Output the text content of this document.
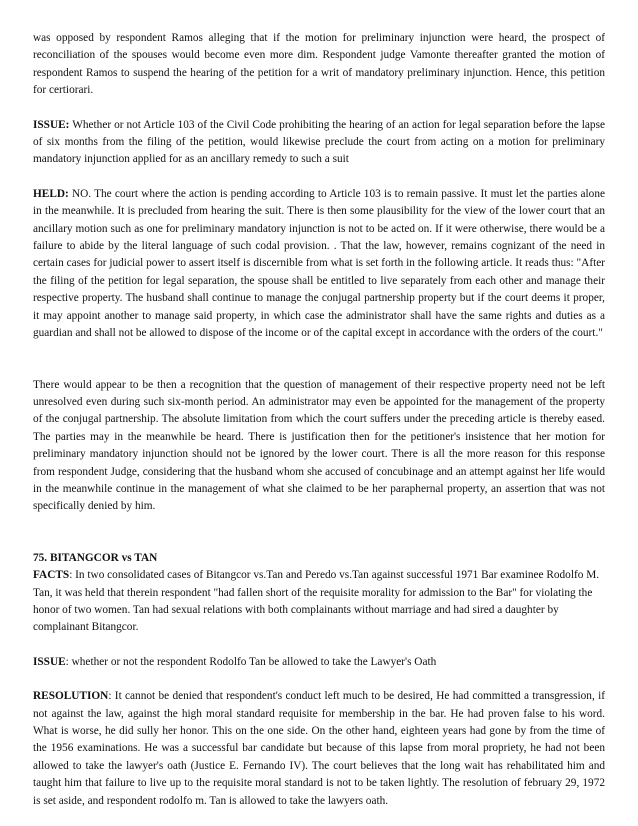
was opposed by respondent Ramos alleging that if the motion for preliminary injunction were heard, the prospect of reconciliation of the spouses would become even more dim. Respondent judge Vamonte thereafter granted the motion of respondent Ramos to suspend the hearing of the petition for a writ of mandatory preliminary injunction. Hence, this petition for certiorari.

ISSUE: Whether or not Article 103 of the Civil Code prohibiting the hearing of an action for legal separation before the lapse of six months from the filing of the petition, would likewise preclude the court from acting on a motion for preliminary mandatory injunction applied for as an ancillary remedy to such a suit

HELD: NO. The court where the action is pending according to Article 103 is to remain passive. It must let the parties alone in the meanwhile. It is precluded from hearing the suit. There is then some plausibility for the view of the lower court that an ancillary motion such as one for preliminary mandatory injunction is not to be acted on. If it were otherwise, there would be a failure to abide by the literal language of such codal provision. . That the law, however, remains cognizant of the need in certain cases for judicial power to assert itself is discernible from what is set forth in the following article. It reads thus: "After the filing of the petition for legal separation, the spouse shall be entitled to live separately from each other and manage their respective property. The husband shall continue to manage the conjugal partnership property but if the court deems it proper, it may appoint another to manage said property, in which case the administrator shall have the same rights and duties as a guardian and shall not be allowed to dispose of the income or of the capital except in accordance with the orders of the court."

There would appear to be then a recognition that the question of management of their respective property need not be left unresolved even during such six-month period. An administrator may even be appointed for the management of the property of the conjugal partnership. The absolute limitation from which the court suffers under the preceding article is thereby eased. The parties may in the meanwhile be heard. There is justification then for the petitioner's insistence that her motion for preliminary mandatory injunction should not be ignored by the lower court. There is all the more reason for this response from respondent Judge, considering that the husband whom she accused of concubinage and an attempt against her life would in the meanwhile continue in the management of what she claimed to be her paraphernal property, an assertion that was not specifically denied by him.

75. BITANGCOR vs TAN

FACTS: In two consolidated cases of Bitangcor vs.Tan and Peredo vs.Tan against successful 1971 Bar examinee Rodolfo M. Tan, it was held that therein respondent "had fallen short of the requisite morality for admission to the Bar" for violating the honor of two women. Tan had sexual relations with both complainants without marriage and had sired a daughter by complainant Bitangcor.

ISSUE: whether or not the respondent Rodolfo Tan be allowed to take the Lawyer's Oath

RESOLUTION: It cannot be denied that respondent's conduct left much to be desired, He had committed a transgression, if not against the law, against the high moral standard requisite for membership in the bar. He had proven false to his word. What is worse, he did sully her honor. This on the one side. On the other hand, eighteen years had gone by from the time of the 1956 examinations. He was a successful bar candidate but because of this lapse from moral propriety, he had not been allowed to take the lawyer's oath (Justice E. Fernando IV). The court believes that the long wait has rehabilitated him and taught him that failure to live up to the requisite moral standard is not to be taken lightly. The resolution of february 29, 1972 is set aside, and respondent rodolfo m. Tan is allowed to take the lawyers oath.
